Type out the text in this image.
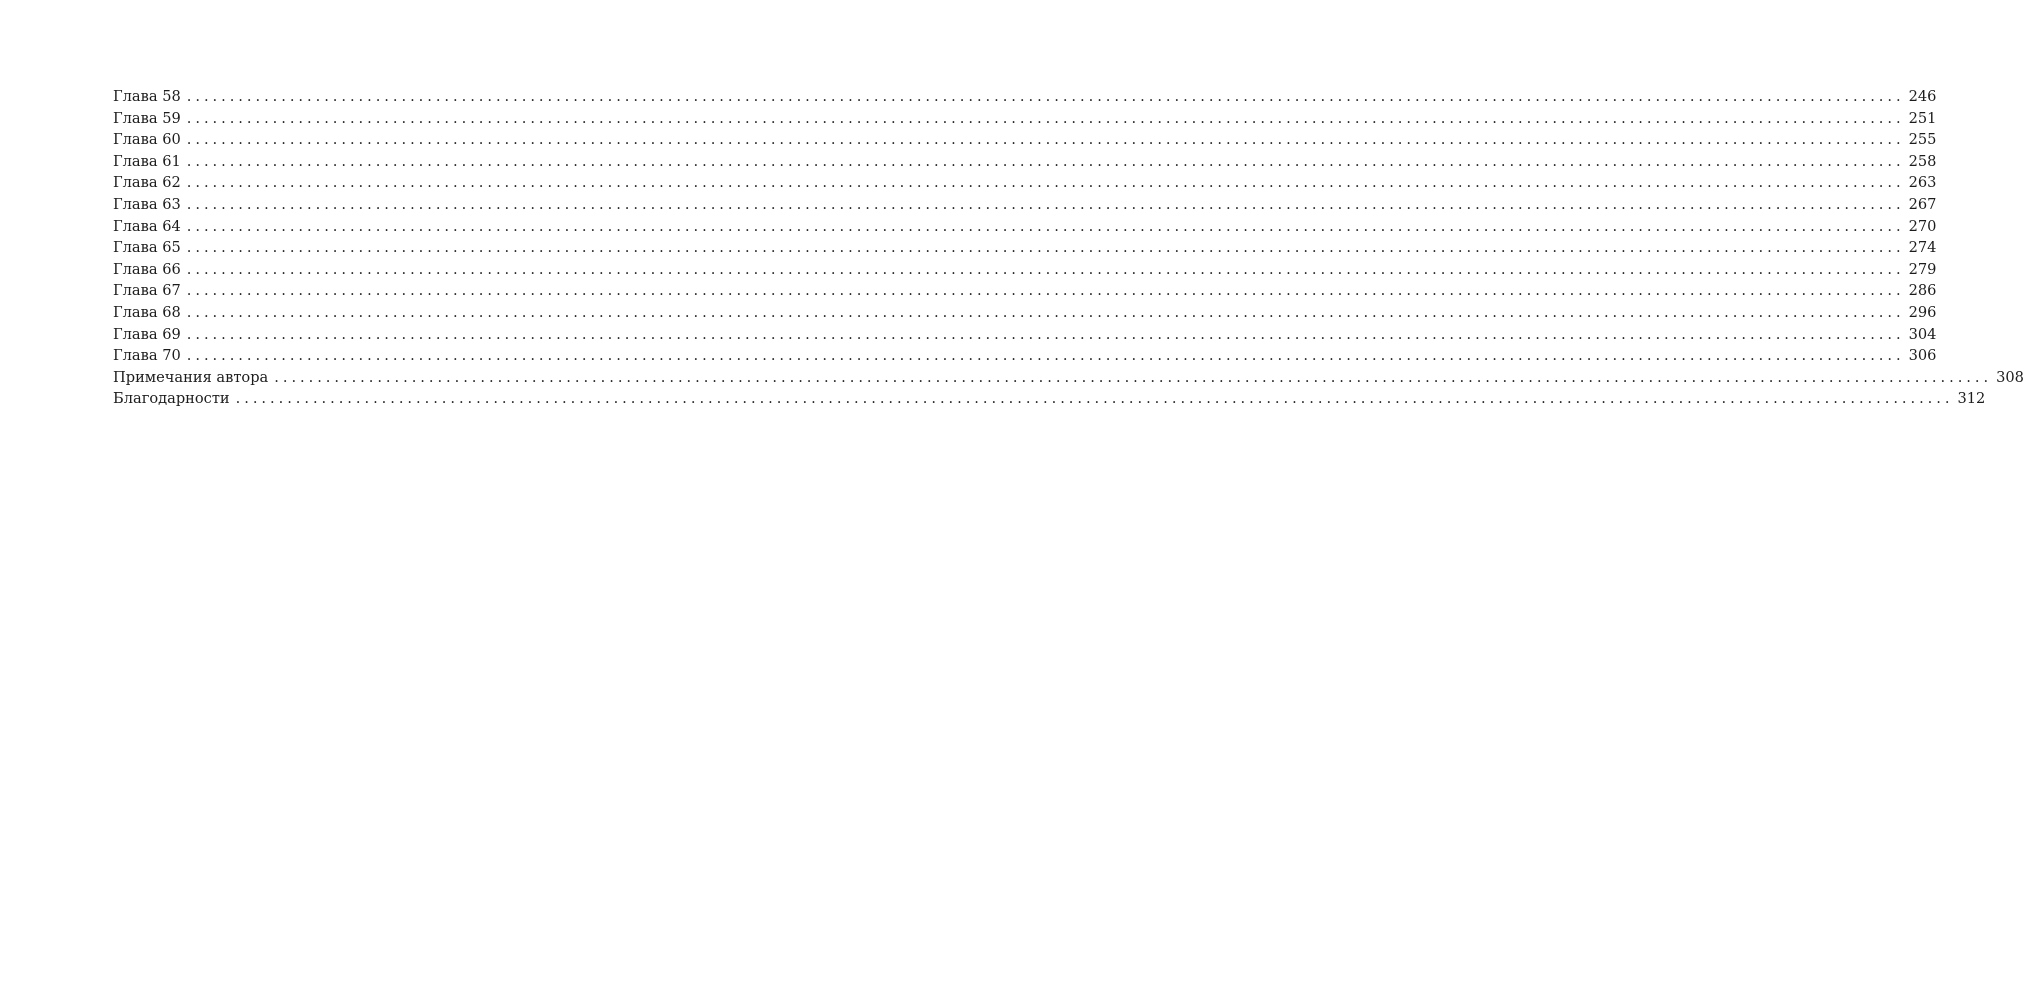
Глава 58 ........................................................................................................................................................................................................ 246
Глава 59 ........................................................................................................................................................................................................ 251
Глава 60 ........................................................................................................................................................................................................ 255
Глава 61 ........................................................................................................................................................................................................ 258
Глава 62 ........................................................................................................................................................................................................ 263
Глава 63 ........................................................................................................................................................................................................ 267
Глава 64 ........................................................................................................................................................................................................ 270
Глава 65 ........................................................................................................................................................................................................ 274
Глава 66 ........................................................................................................................................................................................................ 279
Глава 67 ........................................................................................................................................................................................................ 286
Глава 68 ........................................................................................................................................................................................................ 296
Глава 69 ........................................................................................................................................................................................................ 304
Глава 70 ........................................................................................................................................................................................................ 306
Примечания автора ........................................................................................................................................................................................................ 308
Благодарности ........................................................................................................................................................................................................ 312
